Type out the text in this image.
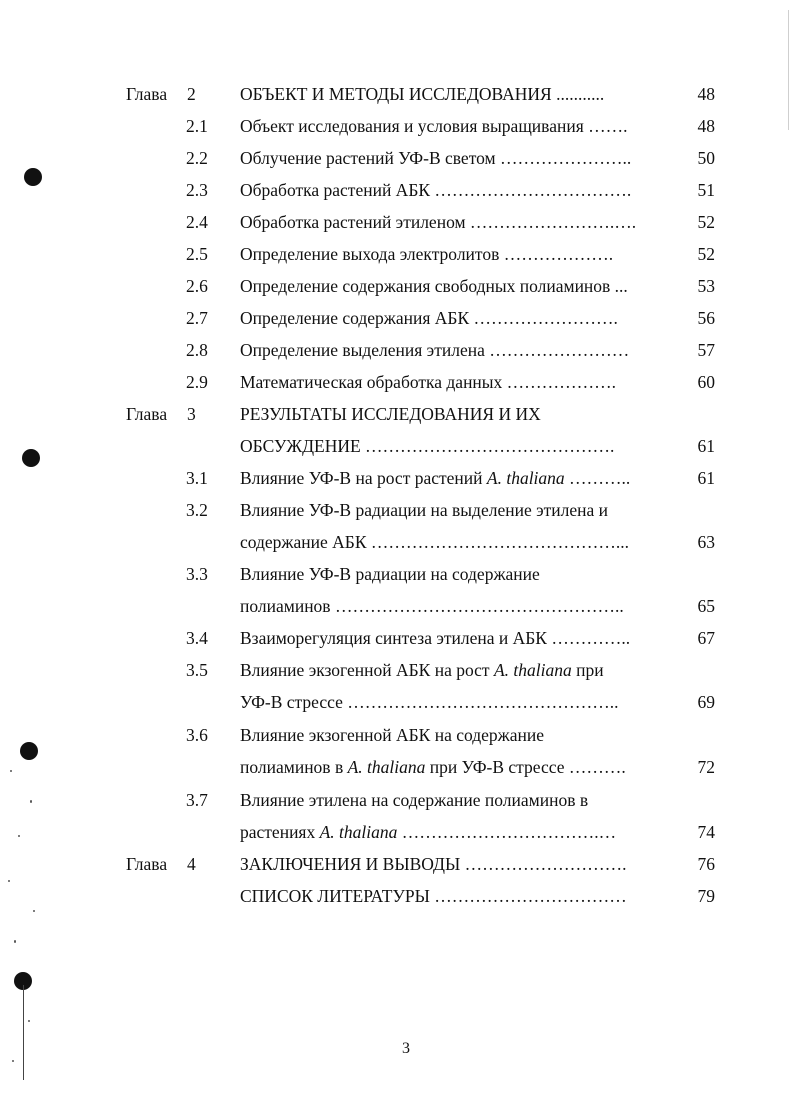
Глава 2	ОБЪЕКТ И МЕТОДЫ ИССЛЕДОВАНИЯ ...........	48
2.1 Объект исследования и условия выращивания …….	48
2.2 Облучение растений УФ-В светом …………………..	50
2.3 Обработка растений АБК …………………………….	51
2.4 Обработка растений этиленом …………………….….	52
2.5 Определение выхода электролитов ……………….	52
2.6 Определение содержания свободных полиаминов ...	53
2.7 Определение содержания АБК …………………….	56
2.8 Определение выделения этилена ……………………	57
2.9 Математическая обработка данных ……………….	60
Глава 3	РЕЗУЛЬТАТЫ ИССЛЕДОВАНИЯ И ИХ
ОБСУЖДЕНИЕ …………………………………….	61
3.1 Влияние УФ-В на рост растений A. thaliana ………..	61
3.2 Влияние УФ-В радиации на выделение этилена и
содержание АБК ……………………………………...	63
3.3 Влияние УФ-В радиации на содержание
полиаминов …………………………………………..	65
3.4 Взаиморегуляция синтеза этилена и АБК …………..	67
3.5 Влияние экзогенной АБК на рост A. thaliana при
УФ-В стрессе ………………………………………..	69
3.6 Влияние экзогенной АБК на содержание
полиаминов в A. thaliana при УФ-В стрессе ……….	72
3.7 Влияние этилена на содержание полиаминов в
растениях A. thaliana …………………………….…	74
Глава 4	ЗАКЛЮЧЕНИЯ И ВЫВОДЫ ……………………….	76
СПИСОК ЛИТЕРАТУРЫ ……………………………	79
3
